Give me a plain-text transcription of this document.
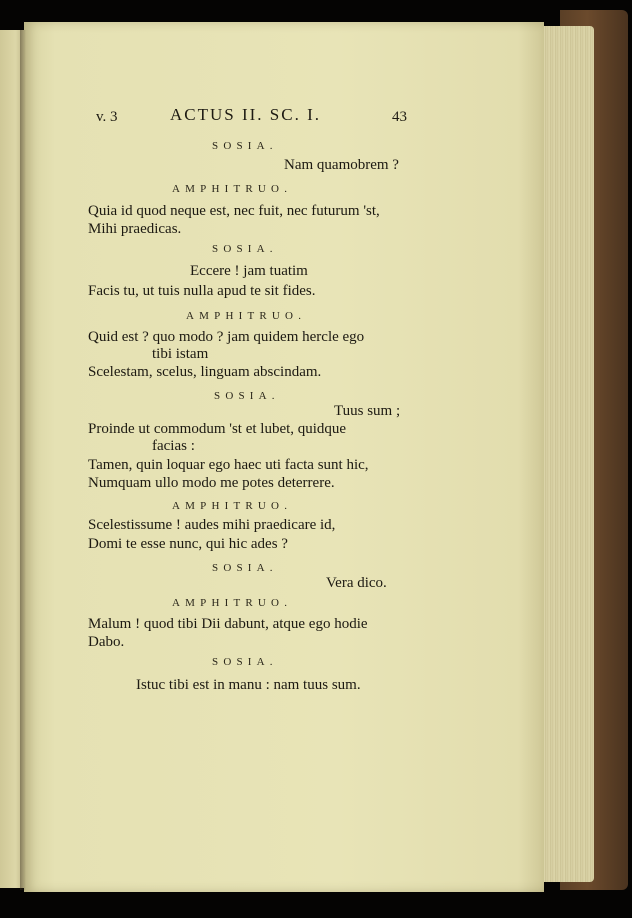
v. 3	ACTUS II. SC. I.	43

SOSIA.

Nam quamobrem ?

AMPHITRUO.

Quia id quod neque est, nec fuit, nec futurum 'st,

Mihi praedicas.

SOSIA.

Eccere ! jam tuatim

Facis tu, ut tuis nulla apud te sit fides.

AMPHITRUO.

Quid est ? quo modo ? jam quidem hercle ego

tibi istam

Scelestam, scelus, linguam abscindam.

SOSIA.

Tuus sum ;

Proinde ut commodum 'st et lubet, quidque

facias :

Tamen, quin loquar ego haec uti facta sunt hic,

Numquam ullo modo me potes deterrere.

AMPHITRUO.

Scelestissume ! audes mihi praedicare id,

Domi te esse nunc, qui hic ades ?

SOSIA.

Vera dico.

AMPHITRUO.

Malum ! quod tibi Dii dabunt, atque ego hodie

Dabo.

SOSIA.

Istuc tibi est in manu : nam tuus sum.
